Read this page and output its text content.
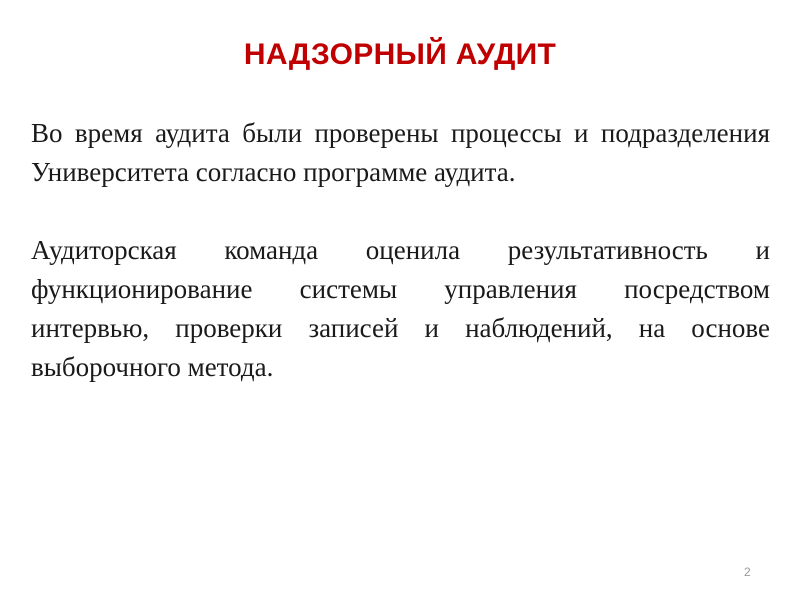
НАДЗОРНЫЙ АУДИТ

Во время аудита были проверены процессы и подразделения Университета согласно программе аудита.

Аудиторская команда оценила результативность и функционирование системы управления посредством интервью, проверки записей и наблюдений, на основе выборочного метода.

2
